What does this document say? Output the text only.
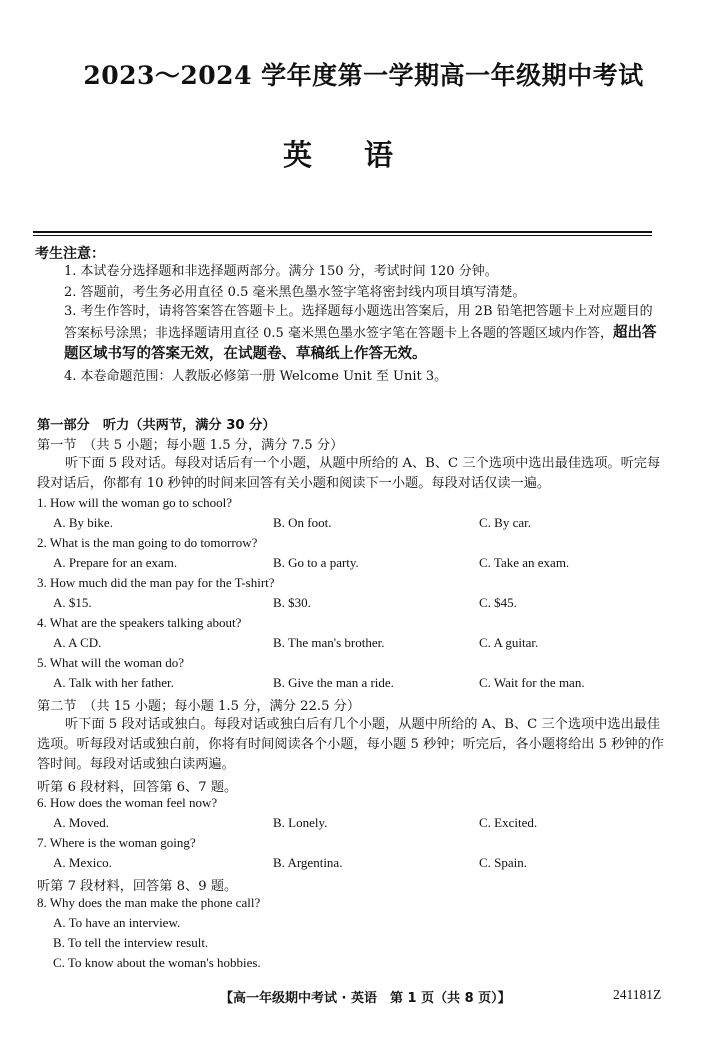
2023～2024 学年度第一学期高一年级期中考试
英语
考生注意：
1. 本试卷分选择题和非选择题两部分。满分 150 分，考试时间 120 分钟。
2. 答题前，考生务必用直径 0.5 毫米黑色墨水签字笔将密封线内项目填写清楚。
3. 考生作答时，请将答案答在答题卡上。选择题每小题选出答案后，用 2B 铅笔把答题卡上对应题目的答案标号涂黑；非选择题请用直径 0.5 毫米黑色墨水签字笔在答题卡上各题的答题区域内作答，超出答题区域书写的答案无效，在试题卷、草稿纸上作答无效。
4. 本卷命题范围：人教版必修第一册 Welcome Unit 至 Unit 3。
第一部分　听力（共两节，满分 30 分）
第一节　（共 5 小题；每小题 1.5 分，满分 7.5 分）
听下面 5 段对话。每段对话后有一个小题，从题中所给的 A、B、C 三个选项中选出最佳选项。听完每段对话后，你都有 10 秒钟的时间来回答有关小题和阅读下一小题。每段对话仅读一遍。
1. How will the woman go to school?
A. By bike.	B. On foot.	C. By car.
2. What is the man going to do tomorrow?
A. Prepare for an exam.	B. Go to a party.	C. Take an exam.
3. How much did the man pay for the T-shirt?
A. $15.	B. $30.	C. $45.
4. What are the speakers talking about?
A. A CD.	B. The man's brother.	C. A guitar.
5. What will the woman do?
A. Talk with her father.	B. Give the man a ride.	C. Wait for the man.
第二节　（共 15 小题；每小题 1.5 分，满分 22.5 分）
听下面 5 段对话或独白。每段对话或独白后有几个小题，从题中所给的 A、B、C 三个选项中选出最佳选项。听每段对话或独白前，你将有时间阅读各个小题，每小题 5 秒钟；听完后，各小题将给出 5 秒钟的作答时间。每段对话或独白读两遍。
听第 6 段材料，回答第 6、7 题。
6. How does the woman feel now?
A. Moved.	B. Lonely.	C. Excited.
7. Where is the woman going?
A. Mexico.	B. Argentina.	C. Spain.
听第 7 段材料，回答第 8、9 题。
8. Why does the man make the phone call?
A. To have an interview.
B. To tell the interview result.
C. To know about the woman's hobbies.
【高一年级期中考试 · 英语　第 1 页（共 8 页）】	241181Z
